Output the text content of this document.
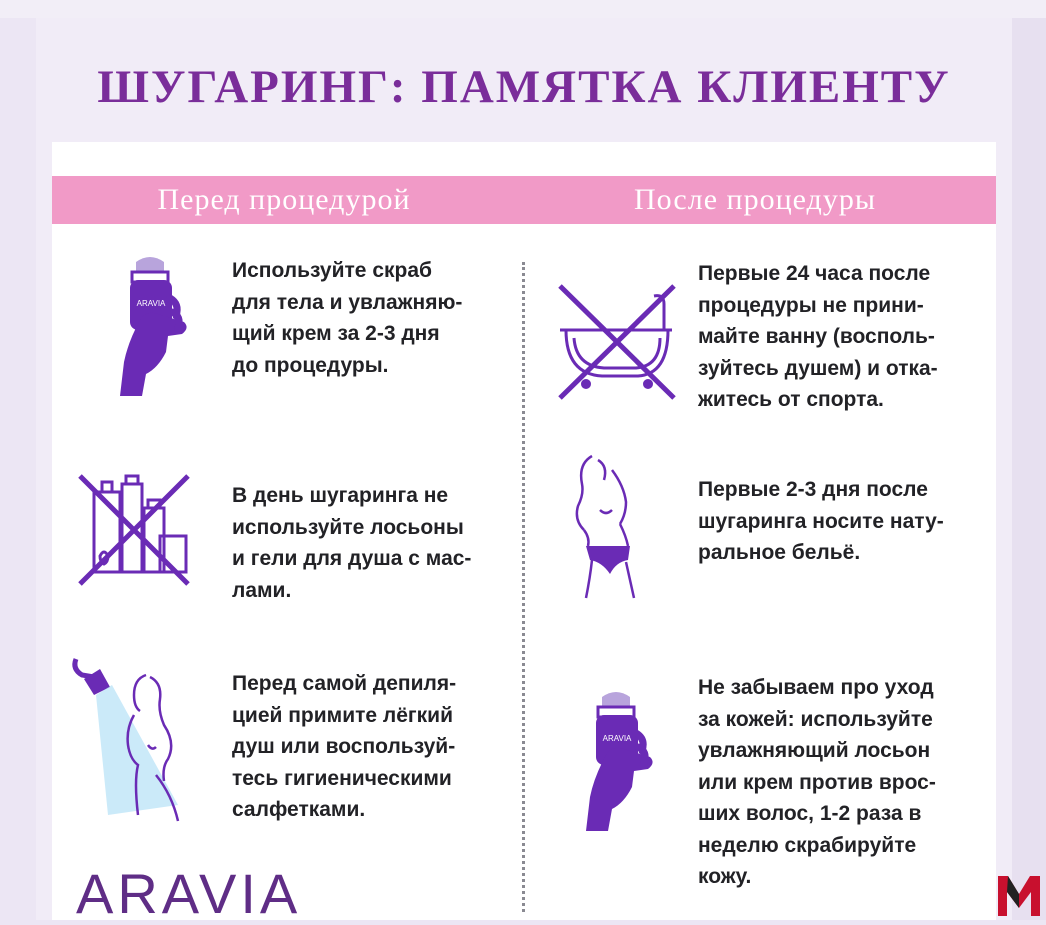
ШУГАРИНГ: ПАМЯТКА КЛИЕНТУ
Перед процедурой	После процедуры
ARAVIA

Используйте скраб
для тела и увлажняю-
щий крем за 2-3 дня
до процедуры.

В день шугаринга не
используйте лосьоны
и гели для душа с мас-
лами.

Перед самой депиля-
цией примите лёгкий
душ или воспользуй-
тесь гигиеническими
салфетками.

Первые 24 часа после
процедуры не прини-
майте ванну (восполь-
зуйтесь душем) и отка-
житесь от спорта.

Первые 2-3 дня после
шугаринга носите нату-
ральное бельё.

ARAVIA

Не забываем про уход
за кожей: используйте
увлажняющий лосьон
или крем против врос-
ших волос, 1-2 раза в
неделю скрабируйте
кожу.

ARAVIA
